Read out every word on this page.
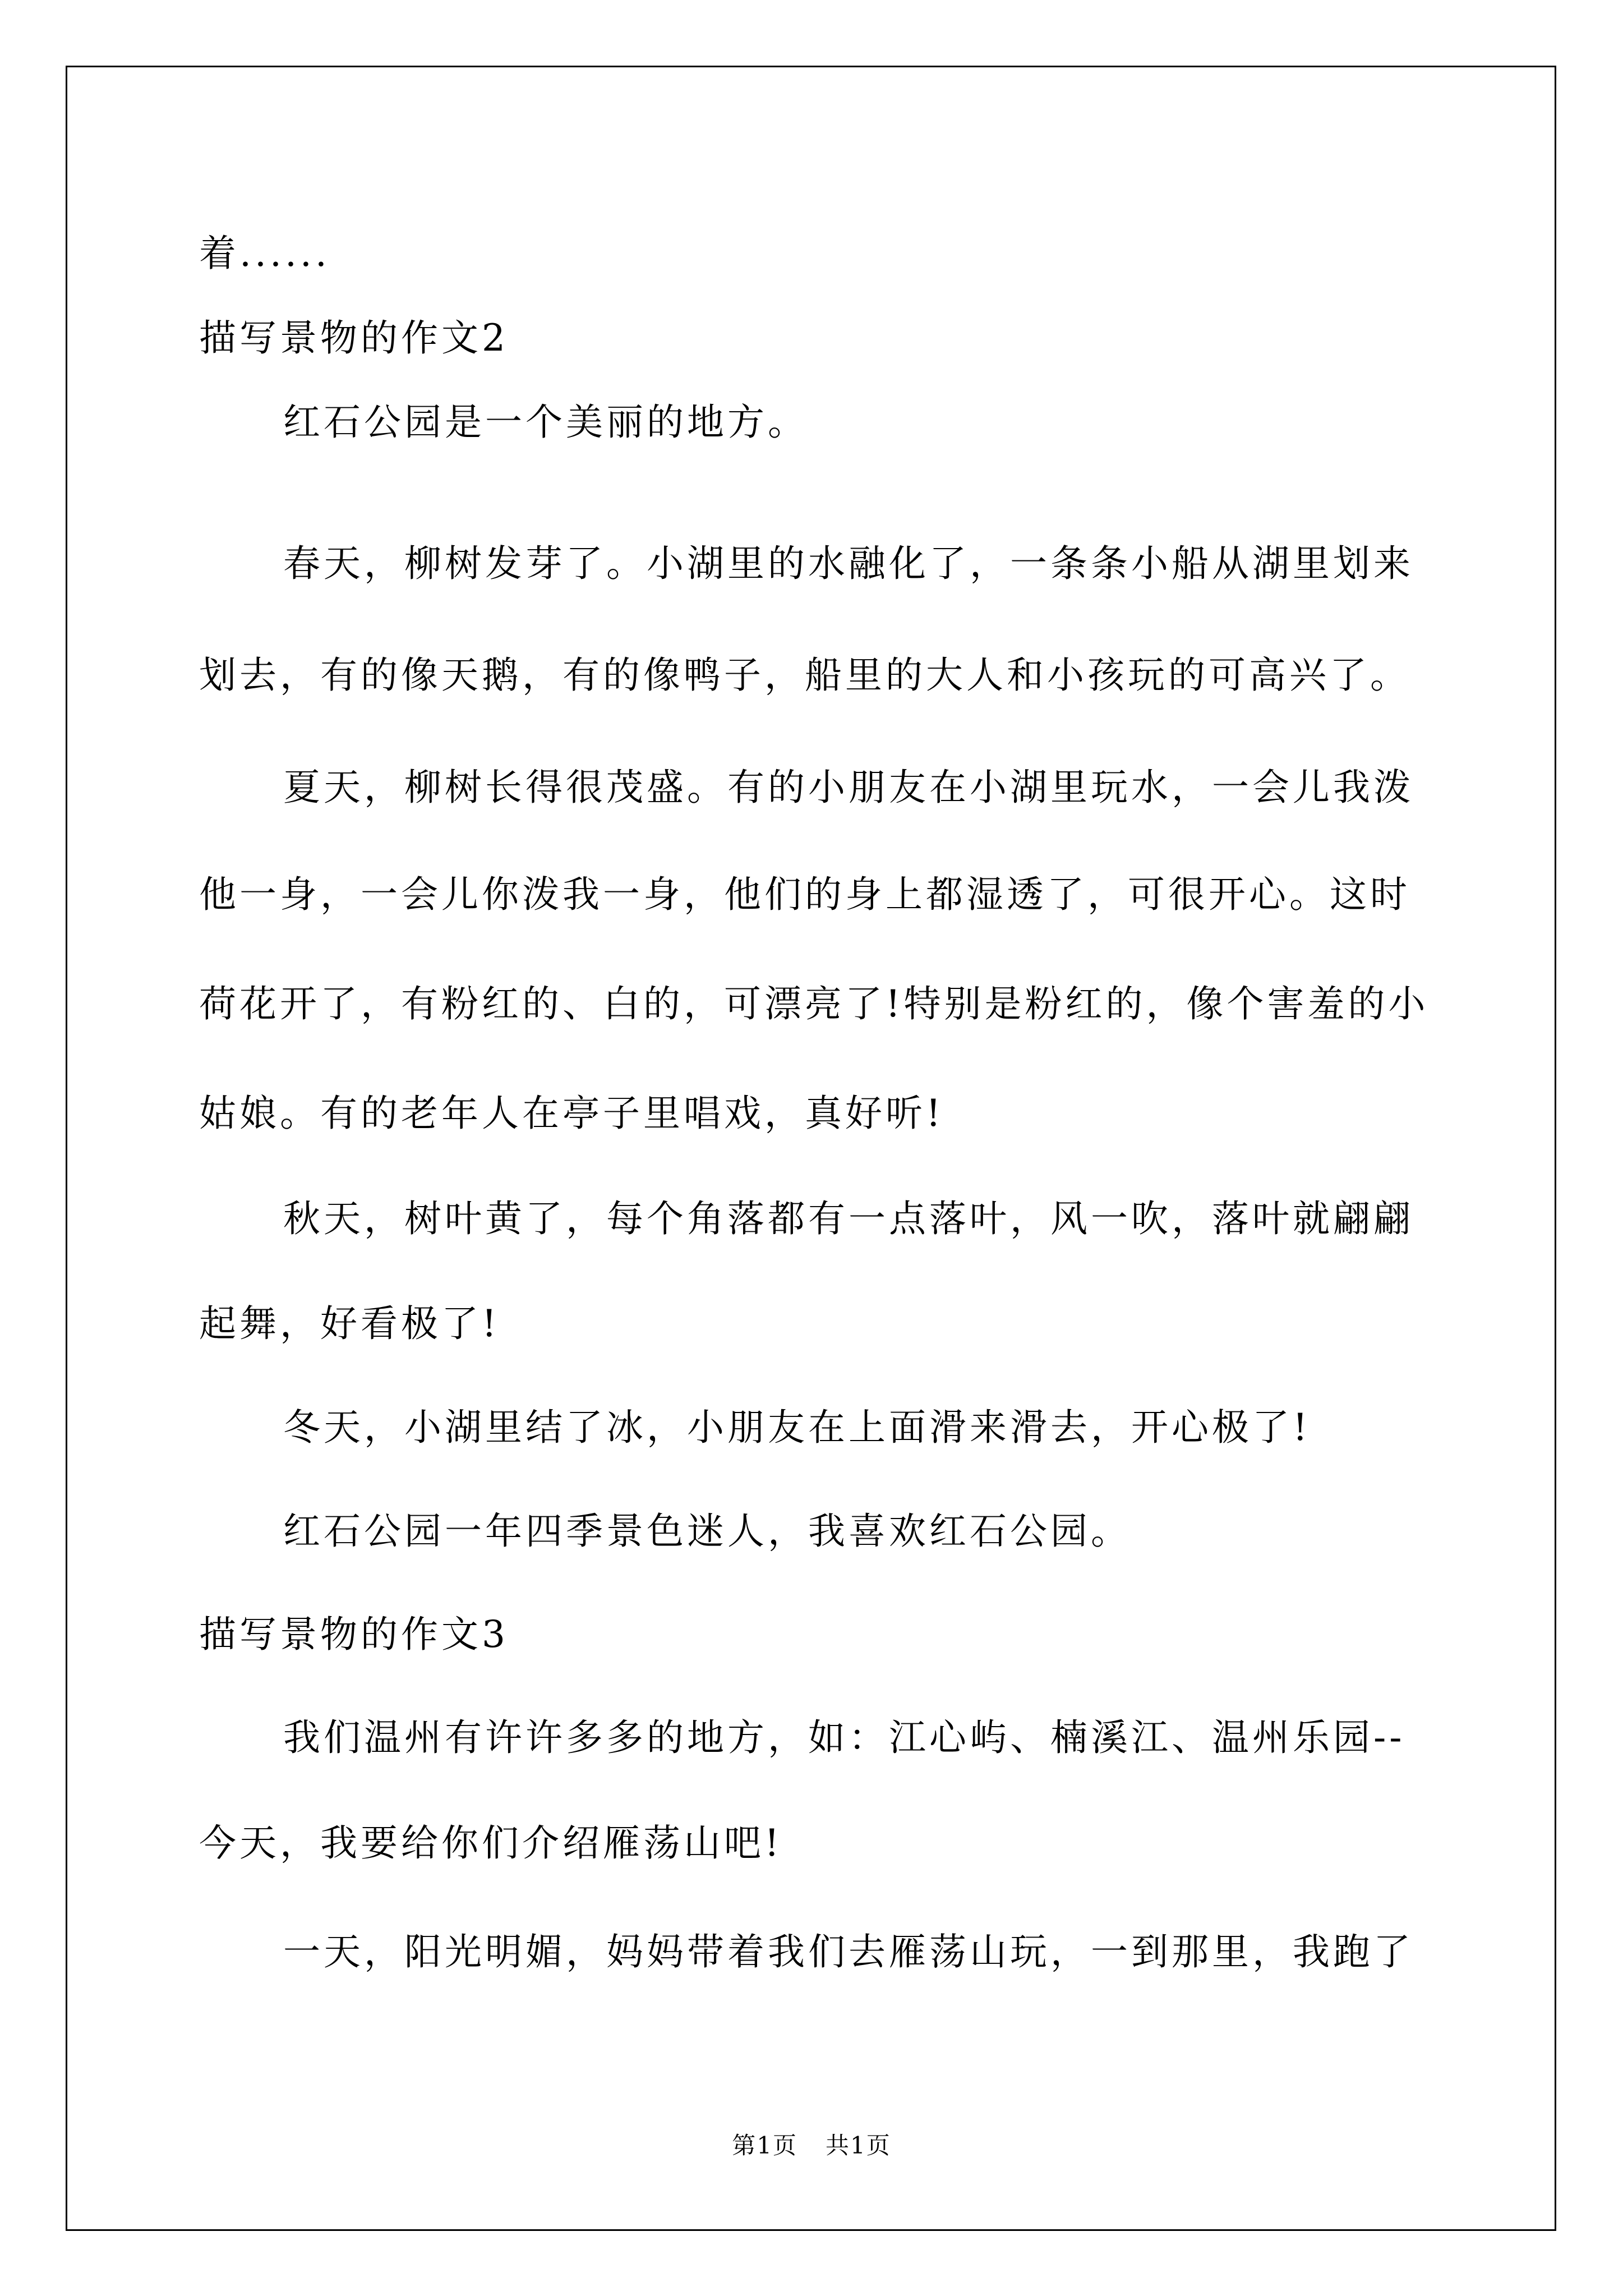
着......
描写景物的作文2
红石公园是一个美丽的地方。
春天，柳树发芽了。小湖里的水融化了，一条条小船从湖里划来
划去，有的像天鹅，有的像鸭子，船里的大人和小孩玩的可高兴了。
夏天，柳树长得很茂盛。有的小朋友在小湖里玩水，一会儿我泼
他一身，一会儿你泼我一身，他们的身上都湿透了，可很开心。这时
荷花开了，有粉红的、白的，可漂亮了!特别是粉红的，像个害羞的小
姑娘。有的老年人在亭子里唱戏，真好听!
秋天，树叶黄了，每个角落都有一点落叶，风一吹，落叶就翩翩
起舞，好看极了!
冬天，小湖里结了冰，小朋友在上面滑来滑去，开心极了!
红石公园一年四季景色迷人，我喜欢红石公园。
描写景物的作文3
我们温州有许许多多的地方，如：江心屿、楠溪江、温州乐园--
今天，我要给你们介绍雁荡山吧!
一天，阳光明媚，妈妈带着我们去雁荡山玩，一到那里，我跑了
第1页 共1页
